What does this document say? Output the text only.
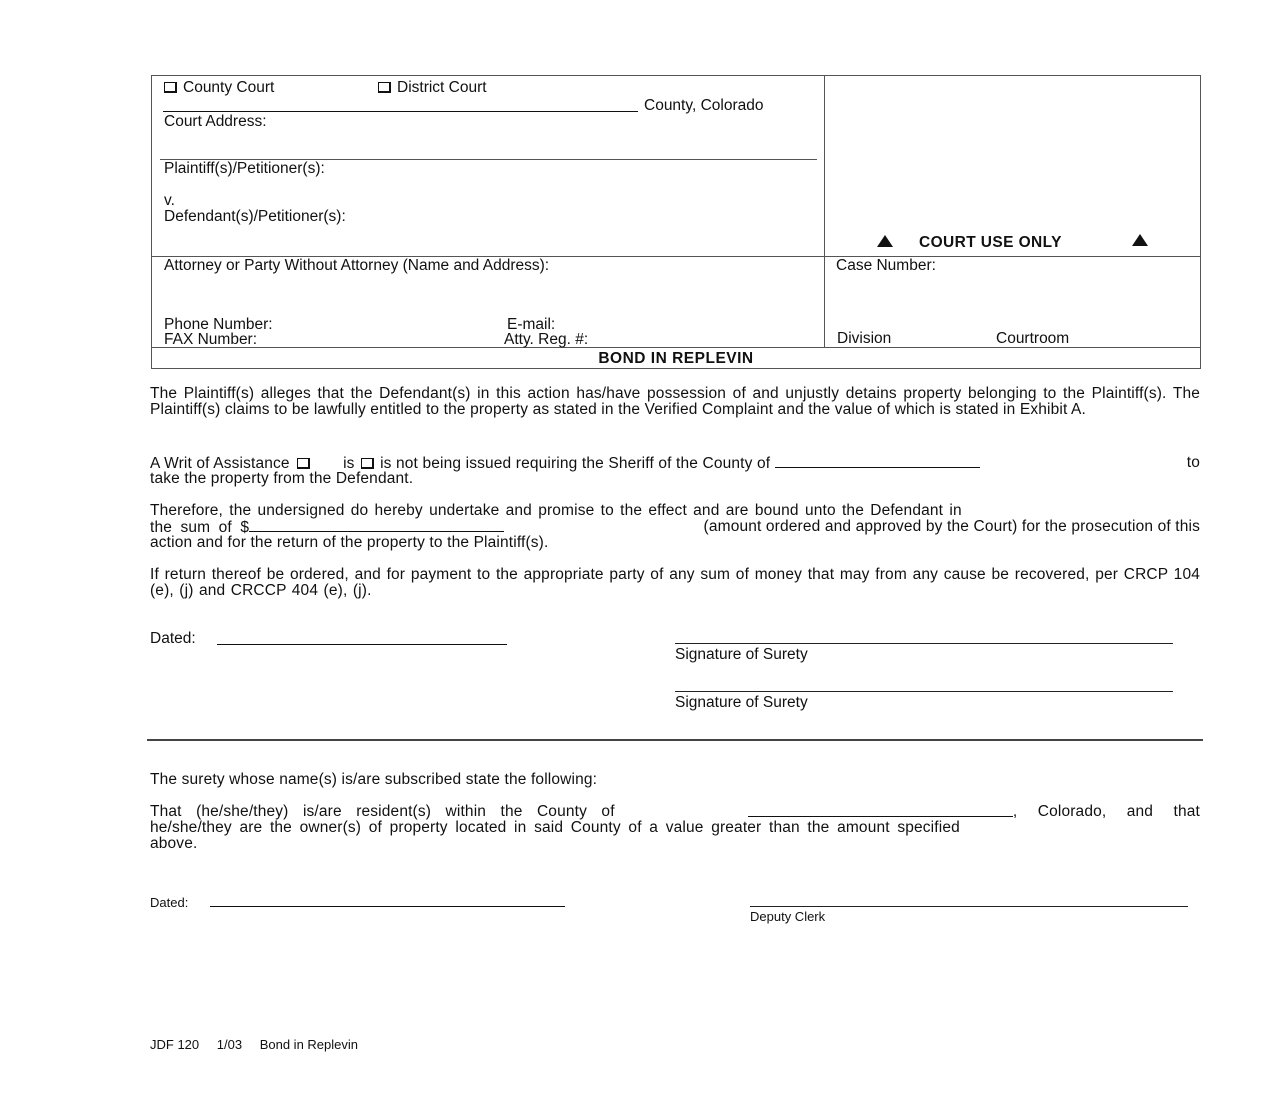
County Court	District Court
County, Colorado
Court Address:
Plaintiff(s)/Petitioner(s):
v.
Defendant(s)/Petitioner(s):
COURT USE ONLY
Attorney or Party Without Attorney (Name and Address):
Phone Number:	E-mail:
FAX Number:	Atty. Reg. #:
Case Number:
Division	Courtroom
BOND IN REPLEVIN
The Plaintiff(s) alleges that the Defendant(s) in this action has/have possession of and unjustly detains property belonging to the Plaintiff(s). The Plaintiff(s) claims to be lawfully entitled to the property as stated in the Verified Complaint and the value of which is stated in Exhibit A.
A Writ of Assistance	is is not being issued requiring the Sheriff of the County of	to
take the property from the Defendant.
Therefore, the undersigned do hereby undertake and promise to the effect and are bound unto the Defendant in
the sum of $	(amount ordered and approved by the Court) for the prosecution of this
action and for the return of the property to the Plaintiff(s).
If return thereof be ordered, and for payment to the appropriate party of any sum of money that may from any cause be recovered, per CRCP 104 (e), (j) and CRCCP 404 (e), (j).
Dated:
Signature of Surety
Signature of Surety
The surety whose name(s) is/are subscribed state the following:
That (he/she/they) is/are resident(s) within the County of	, Colorado, and that
he/she/they are the owner(s) of property located in said County of a value greater than the amount specified
above.
Dated:
Deputy Clerk
JDF 120 1/03 Bond in Replevin
